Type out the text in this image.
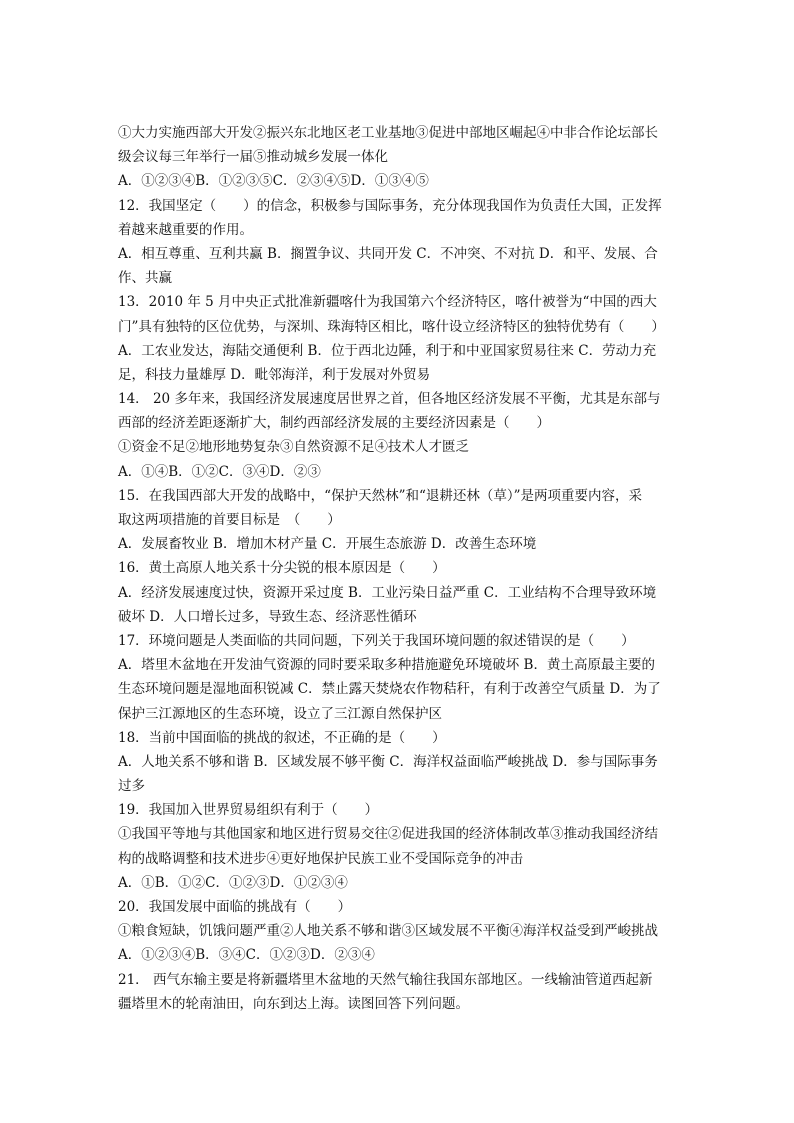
①大力实施西部大开发②振兴东北地区老工业基地③促进中部地区崛起④中非合作论坛部长
级会议每三年举行一届⑤推动城乡发展一体化
A．①②③④B．①②③⑤C．②③④⑤D．①③④⑤
12．我国坚定（　　）的信念，积极参与国际事务，充分体现我国作为负责任大国，正发挥
着越来越重要的作用。
A．相互尊重、互利共赢 B．搁置争议、共同开发 C．不冲突、不对抗 D．和平、发展、合
作、共赢
13．2010 年 5 月中央正式批准新疆喀什为我国第六个经济特区，喀什被誉为“中国的西大
门”具有独特的区位优势，与深圳、珠海特区相比，喀什设立经济特区的独特优势有（　　）
A．工农业发达，海陆交通便利 B．位于西北边陲，利于和中亚国家贸易往来 C．劳动力充
足，科技力量雄厚 D．毗邻海洋，利于发展对外贸易
14． 20 多年来，我国经济发展速度居世界之首，但各地区经济发展不平衡，尤其是东部与
西部的经济差距逐渐扩大，制约西部经济发展的主要经济因素是（　　）
①资金不足②地形地势复杂③自然资源不足④技术人才匮乏
A．①④B．①②C．③④D．②③
15．在我国西部大开发的战略中，“保护天然林”和“退耕还林（草）”是两项重要内容，采
取这两项措施的首要目标是　（　　）
A．发展畜牧业 B．增加木材产量 C．开展生态旅游 D．改善生态环境
16．黄土高原人地关系十分尖锐的根本原因是（　　）
A．经济发展速度过快，资源开采过度 B．工业污染日益严重 C．工业结构不合理导致环境
破坏 D．人口增长过多，导致生态、经济恶性循环
17．环境问题是人类面临的共同问题，下列关于我国环境问题的叙述错误的是（　　）
A．塔里木盆地在开发油气资源的同时要采取多种措施避免环境破坏 B．黄土高原最主要的
生态环境问题是湿地面积锐减 C．禁止露天焚烧农作物秸秆，有利于改善空气质量 D．为了
保护三江源地区的生态环境，设立了三江源自然保护区
18．当前中国面临的挑战的叙述，不正确的是（　　）
A．人地关系不够和谐 B．区域发展不够平衡 C．海洋权益面临严峻挑战 D．参与国际事务
过多
19．我国加入世界贸易组织有利于（　　）
①我国平等地与其他国家和地区进行贸易交往②促进我国的经济体制改革③推动我国经济结
构的战略调整和技术进步④更好地保护民族工业不受国际竞争的冲击
A．①B．①②C．①②③D．①②③④
20．我国发展中面临的挑战有（　　）
①粮食短缺，饥饿问题严重②人地关系不够和谐③区域发展不平衡④海洋权益受到严峻挑战
A．①②③④B．③④C．①②③D．②③④
21． 西气东输主要是将新疆塔里木盆地的天然气输往我国东部地区。一线输油管道西起新
疆塔里木的轮南油田，向东到达上海。读图回答下列问题。
